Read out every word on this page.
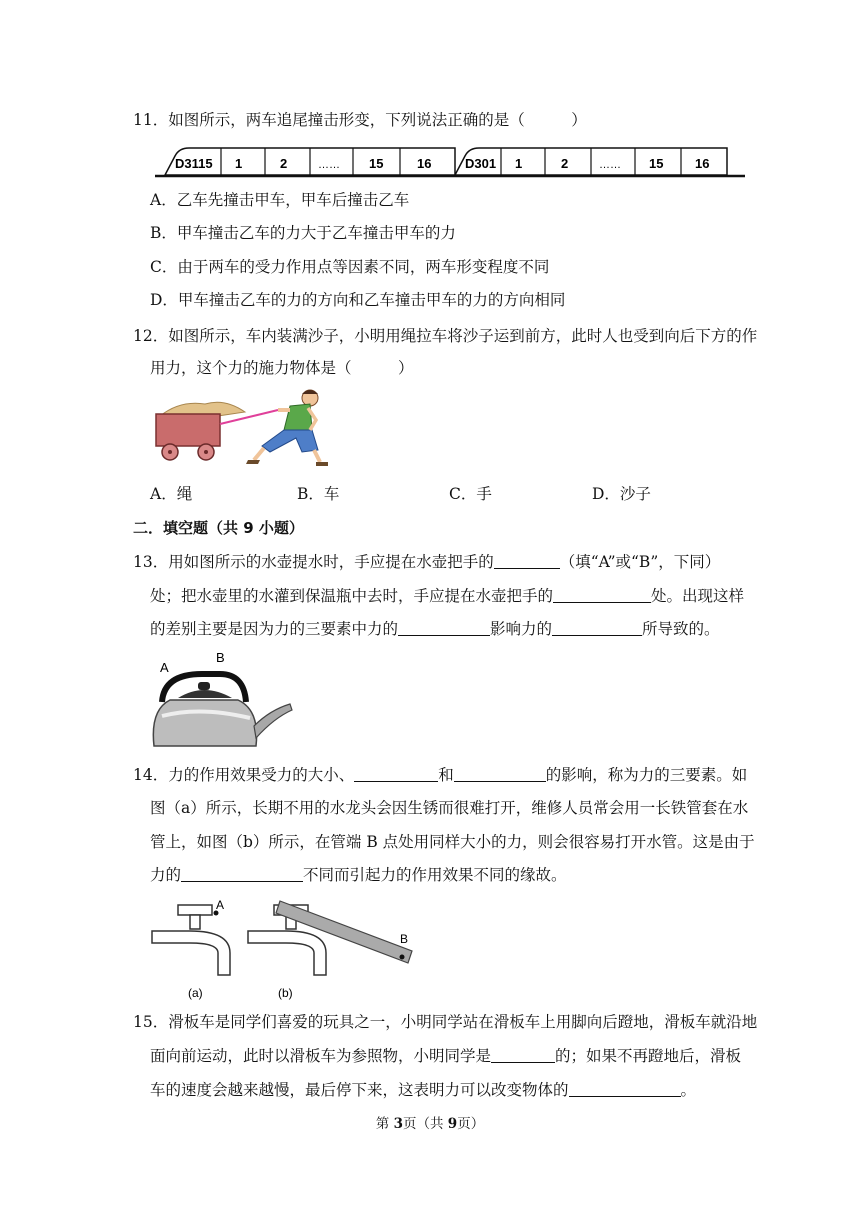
11．如图所示，两车追尾撞击形变，下列说法正确的是（　　　）
D3115 1	2	…… 15	16	D301 1	2	…… 15 16
A．乙车先撞击甲车，甲车后撞击乙车
B．甲车撞击乙车的力大于乙车撞击甲车的力
C．由于两车的受力作用点等因素不同，两车形变程度不同
D．甲车撞击乙车的力的方向和乙车撞击甲车的力的方向相同
12．如图所示，车内装满沙子，小明用绳拉车将沙子运到前方，此时人也受到向后下方的作
用力，这个力的施力物体是（　　　）
A．绳	B．车	C．手	D．沙子
二．填空题（共 9 小题）
13．用如图所示的水壶提水时，手应提在水壶把手的	（填“A”或“B”，下同）
处；把水壶里的水灌到保温瓶中去时，手应提在水壶把手的	处。出现这样
的差别主要是因为力的三要素中力的	影响力的	所导致的。
A
B
14．力的作用效果受力的大小、	和	的影响，称为力的三要素。如
图（a）所示，长期不用的水龙头会因生锈而很难打开，维修人员常会用一长铁管套在水
管上，如图（b）所示，在管端 B 点处用同样大小的力，则会很容易打开水管。这是由于
力的	不同而引起力的作用效果不同的缘故。
A
(a)
B
(b)
15．滑板车是同学们喜爱的玩具之一，小明同学站在滑板车上用脚向后蹬地，滑板车就沿地
面向前运动，此时以滑板车为参照物，小明同学是	的；如果不再蹬地后，滑板
车的速度会越来越慢，最后停下来，这表明力可以改变物体的	。
第 3页（共 9页）
